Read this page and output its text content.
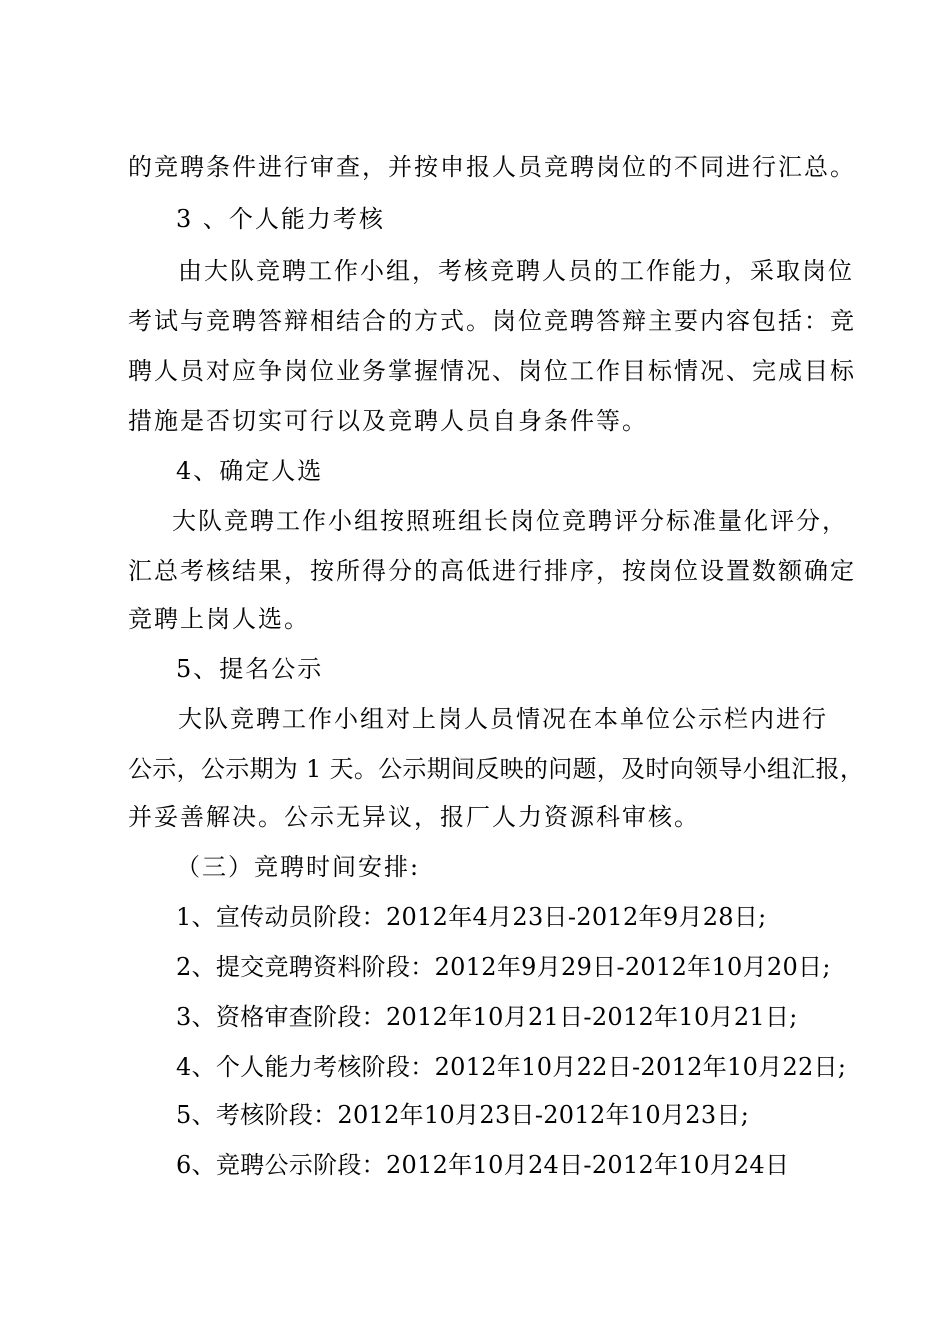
的竞聘条件进行审查，并按申报人员竞聘岗位的不同进行汇总。
3 、个人能力考核
由大队竞聘工作小组，考核竞聘人员的工作能力，采取岗位
考试与竞聘答辩相结合的方式。岗位竞聘答辩主要内容包括：竞
聘人员对应争岗位业务掌握情况、岗位工作目标情况、完成目标
措施是否切实可行以及竞聘人员自身条件等。
4、确定人选
大队竞聘工作小组按照班组长岗位竞聘评分标准量化评分，
汇总考核结果，按所得分的高低进行排序，按岗位设置数额确定
竞聘上岗人选。
5、提名公示
大队竞聘工作小组对上岗人员情况在本单位公示栏内进行
公示，公示期为 1 天。公示期间反映的问题，及时向领导小组汇报，
并妥善解决。公示无异议，报厂人力资源科审核。
（三）竞聘时间安排:
1、宣传动员阶段：2012年4月23日-2012年9月28日;
2、提交竞聘资料阶段：2012年9月29日-2012年10月20日;
3、资格审查阶段：2012年10月21日-2012年10月21日;
4、个人能力考核阶段：2012年10月22日-2012年10月22日;
5、考核阶段：2012年10月23日-2012年10月23日;
6、竞聘公示阶段：2012年10月24日-2012年10月24日
